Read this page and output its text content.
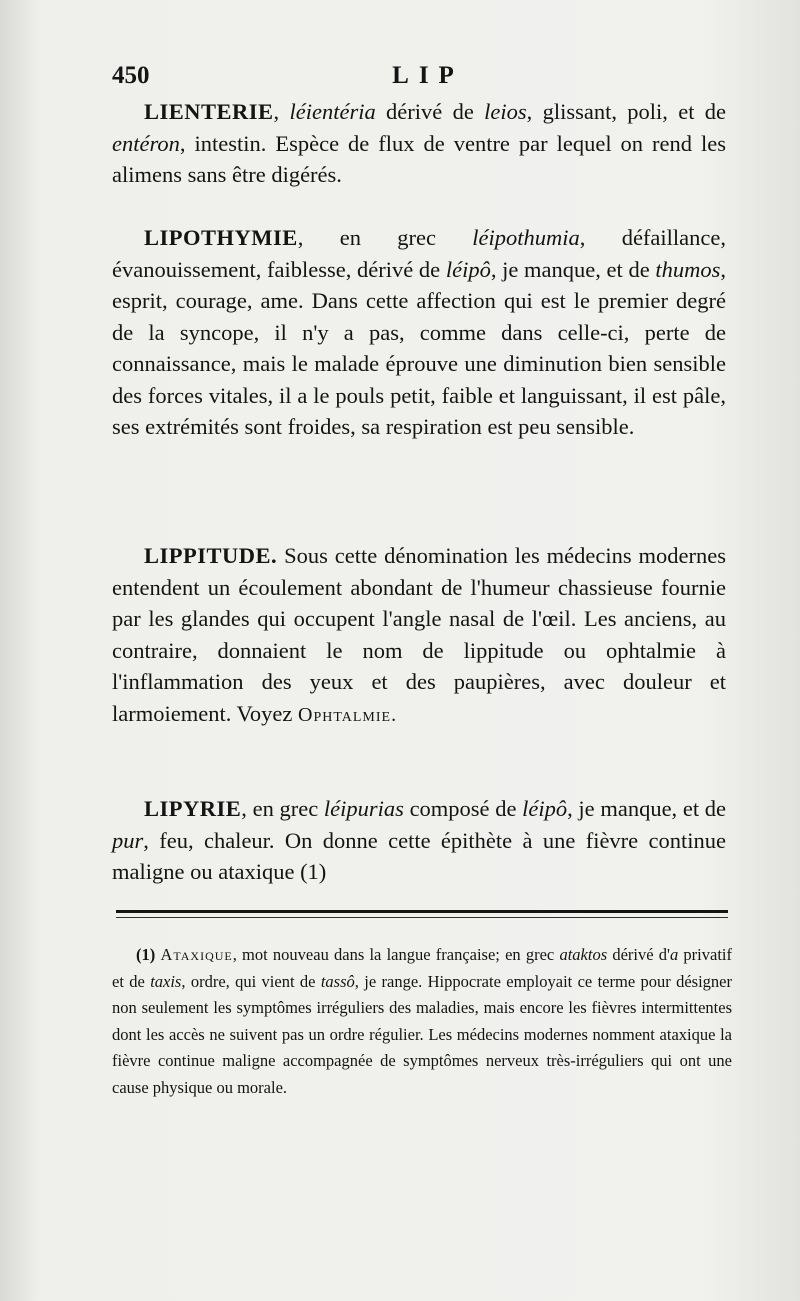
450	LIP

LIENTERIE, léientéria dérivé de leios, glissant, poli, et de entéron, intestin. Espèce de flux de ventre par lequel on rend les alimens sans être digérés.

LIPOTHYMIE, en grec léipothumia, défaillance, évanouissement, faiblesse, dérivé de léipô, je manque, et de thumos, esprit, courage, ame. Dans cette affection qui est le premier degré de la syncope, il n'y a pas, comme dans celle-ci, perte de connaissance, mais le malade éprouve une diminution bien sensible des forces vitales, il a le pouls petit, faible et languissant, il est pâle, ses extrémités sont froides, sa respiration est peu sensible.

LIPPITUDE. Sous cette dénomination les médecins modernes entendent un écoulement abondant de l'humeur chassieuse fournie par les glandes qui occupent l'angle nasal de l'œil. Les anciens, au contraire, donnaient le nom de lippitude ou ophtalmie à l'inflammation des yeux et des paupières, avec douleur et larmoiement. Voyez Ophtalmie.

LIPYRIE, en grec léipurias composé de léipô, je manque, et de pur, feu, chaleur. On donne cette épithète à une fièvre continue maligne ou ataxique (1)

(1) Ataxique, mot nouveau dans la langue française; en grec ataktos dérivé d'a privatif et de taxis, ordre, qui vient de tassô, je range. Hippocrate employait ce terme pour désigner non seulement les symptômes irréguliers des maladies, mais encore les fièvres intermittentes dont les accès ne suivent pas un ordre régulier. Les médecins modernes nomment ataxique la fièvre continue maligne accompagnée de symptômes nerveux très-irréguliers qui ont une cause physique ou morale.
